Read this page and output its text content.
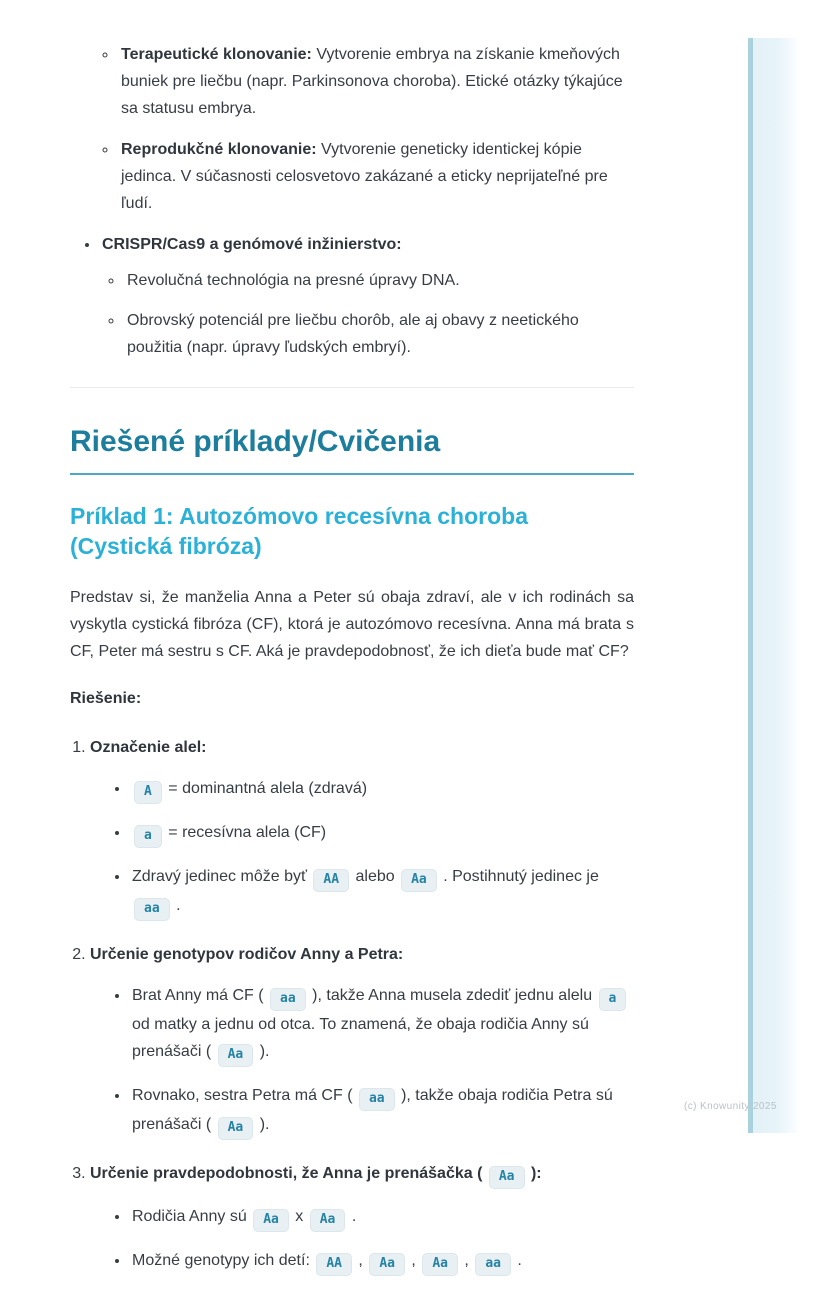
◦ Terapeutické klonovanie: Vytvorenie embrya na získanie kmeňových buniek pre liečbu (napr. Parkinsonova choroba). Etické otázky týkajúce sa statusu embrya.
◦ Reprodukčné klonovanie: Vytvorenie geneticky identickej kópie jedinca. V súčasnosti celosvetovo zakázané a eticky neprijateľné pre ľudí.
• CRISPR/Cas9 a genómové inžinierstvo:
◦ Revolučná technológia na presné úpravy DNA.
◦ Obrovský potenciál pre liečbu chorôb, ale aj obavy z neetického použitia (napr. úpravy ľudských embryí).
Riešené príklady/Cvičenia
Príklad 1: Autozómovo recesívna choroba (Cystická fibróza)

Predstav si, že manželia Anna a Peter sú obaja zdraví, ale v ich rodinách sa vyskytla cystická fibróza (CF), ktorá je autozómovo recesívna. Anna má brata s CF, Peter má sestru s CF. Aká je pravdepodobnosť, že ich dieťa bude mať CF?

Riešenie:

1. Označenie alel:
• A = dominantná alela (zdravá)
• a = recesívna alela (CF)
• Zdravý jedinec môže byť AA alebo Aa . Postihnutý jedinec je aa .
2. Určenie genotypov rodičov Anny a Petra:
• Brat Anny má CF ( aa ), takže Anna musela zdediť jednu alelu a od matky a jednu od otca. To znamená, že obaja rodičia Anny sú prenášači ( Aa ).
• Rovnako, sestra Petra má CF ( aa ), takže obaja rodičia Petra sú prenášači ( Aa ).
3. Určenie pravdepodobnosti, že Anna je prenášačka ( Aa ):
• Rodičia Anny sú Aa x Aa .
• Možné genotypy ich detí: AA , Aa , Aa , aa .
(c) Knowunity 2025
